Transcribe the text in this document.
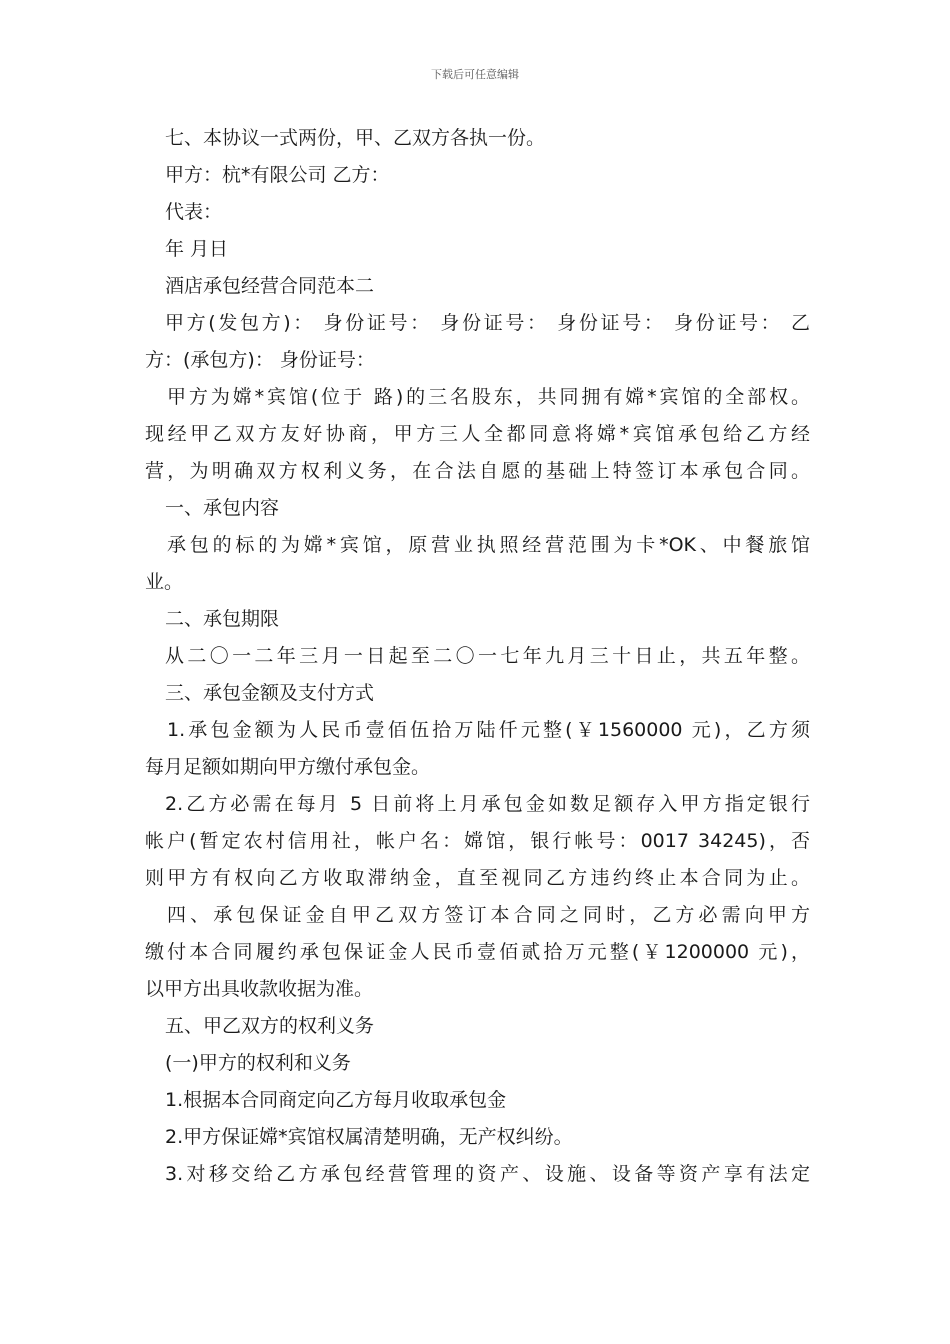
下载后可任意编辑
七、本协议一式两份，甲、乙双方各执一份。
甲方：杭*有限公司 乙方：
代表：
年 月日
酒店承包经营合同范本二
甲方(发包方)： 身份证号： 身份证号： 身份证号： 身份证号： 乙
方：(承包方)： 身份证号：
甲方为嫦*宾馆(位于 路)的三名股东，共同拥有嫦*宾馆的全部权。
现经甲乙双方友好协商，甲方三人全都同意将嫦*宾馆承包给乙方经
营，为明确双方权利义务，在合法自愿的基础上特签订本承包合同。
一、承包内容
承包的标的为嫦*宾馆，原营业执照经营范围为卡*OK、中餐旅馆
业。
二、承包期限
从二〇一二年三月一日起至二〇一七年九月三十日止，共五年整。
三、承包金额及支付方式
1.承包金额为人民币壹佰伍拾万陆仟元整(￥1560000 元)，乙方须
每月足额如期向甲方缴付承包金。
2.乙方必需在每月 5 日前将上月承包金如数足额存入甲方指定银行
帐户(暂定农村信用社，帐户名：嫦馆，银行帐号：0017 34245)，否
则甲方有权向乙方收取滞纳金，直至视同乙方违约终止本合同为止。
四、承包保证金自甲乙双方签订本合同之同时，乙方必需向甲方
缴付本合同履约承包保证金人民币壹佰贰拾万元整(￥1200000 元)，
以甲方出具收款收据为准。
五、甲乙双方的权利义务
(一)甲方的权利和义务
1.根据本合同商定向乙方每月收取承包金
2.甲方保证嫦*宾馆权属清楚明确，无产权纠纷。
3.对移交给乙方承包经营管理的资产、设施、设备等资产享有法定
